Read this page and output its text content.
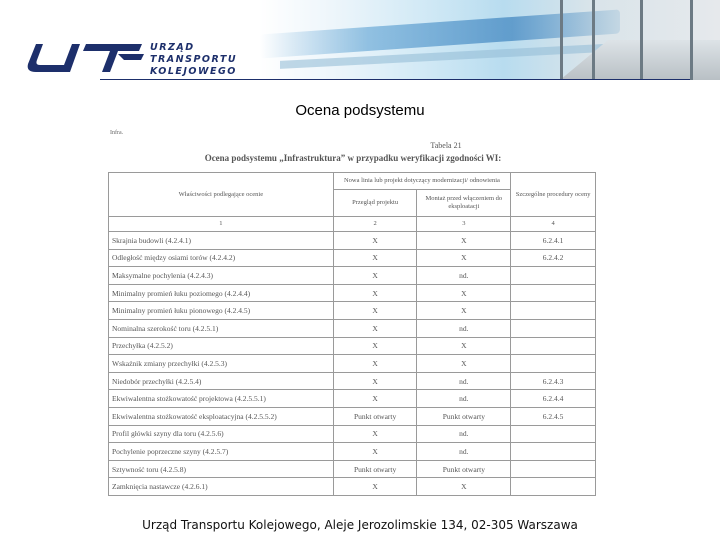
URZĄD
TRANSPORTU
KOLEJOWEGO
Ocena podsystemu
Infra.
Tabela 21
Ocena podsystemu „Infrastruktura” w przypadku weryfikacji zgodności WI:
Właściwości podlegające ocenie	Nowa linia lub projekt dotyczący modernizacji/ odnowienia		Szczególne procedury oceny
	Przegląd projektu	Montaż przed włączeniem do eksploatacji	
1	2	3	4
Skrajnia budowli (4.2.4.1)	X	X	6.2.4.1
Odległość między osiami torów (4.2.4.2)	X	X	6.2.4.2
Maksymalne pochylenia (4.2.4.3)	X	nd.	
Minimalny promień łuku poziomego (4.2.4.4)	X	X	
Minimalny promień łuku pionowego (4.2.4.5)	X	X	
Nominalna szerokość toru (4.2.5.1)	X	nd.	
Przechyłka (4.2.5.2)	X	X	
Wskaźnik zmiany przechyłki (4.2.5.3)	X	X	
Niedobór przechyłki (4.2.5.4)	X	nd.	6.2.4.3
Ekwiwalentna stożkowatość projektowa (4.2.5.5.1)	X	nd.	6.2.4.4
Ekwiwalentna stożkowatość eksploatacyjna (4.2.5.5.2)	Punkt otwarty	Punkt otwarty	6.2.4.5
Profil główki szyny dla toru (4.2.5.6)	X	nd.	
Pochylenie poprzeczne szyny (4.2.5.7)	X	nd.	
Sztywność toru (4.2.5.8)	Punkt otwarty	Punkt otwarty	
Zamknięcia nastawcze (4.2.6.1)	X	X	
Urząd Transportu Kolejowego, Aleje Jerozolimskie 134, 02-305 Warszawa
